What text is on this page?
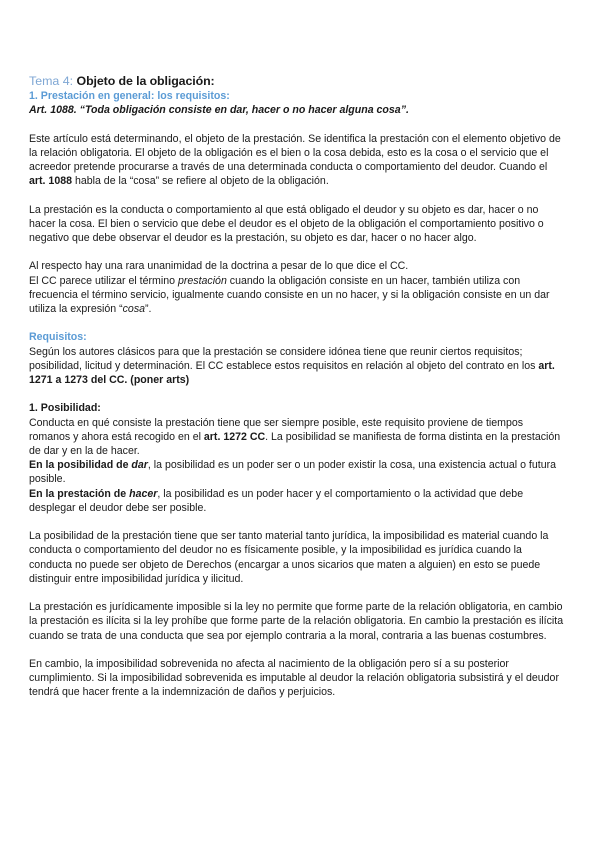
Tema 4: Objeto de la obligación:

1. Prestación en general: los requisitos:

Art. 1088. “Toda obligación consiste en dar, hacer o no hacer alguna cosa”.

Este artículo está determinando, el objeto de la prestación. Se identifica la prestación con el elemento objetivo de la relación obligatoria. El objeto de la obligación es el bien o la cosa debida, esto es la cosa o el servicio que el acreedor pretende procurarse a través de una determinada conducta o comportamiento del deudor. Cuando el art. 1088 habla de la “cosa” se refiere al objeto de la obligación.

La prestación es la conducta o comportamiento al que está obligado el deudor y su objeto es dar, hacer o no hacer la cosa. El bien o servicio que debe el deudor es el objeto de la obligación el comportamiento positivo o negativo que debe observar el deudor es la prestación, su objeto es dar, hacer o no hacer algo.

Al respecto hay una rara unanimidad de la doctrina a pesar de lo que dice el CC.

El CC parece utilizar el término prestación cuando la obligación consiste en un hacer, también utiliza con frecuencia el término servicio, igualmente cuando consiste en un no hacer, y si la obligación consiste en un dar utiliza la expresión “cosa”.

Requisitos:

Según los autores clásicos para que la prestación se considere idónea tiene que reunir ciertos requisitos; posibilidad, licitud y determinación. El CC establece estos requisitos en relación al objeto del contrato en los art. 1271 a 1273 del CC. (poner arts)

1. Posibilidad:

Conducta en qué consiste la prestación tiene que ser siempre posible, este requisito proviene de tiempos romanos y ahora está recogido en el art. 1272 CC. La posibilidad se manifiesta de forma distinta en la prestación de dar y en la de hacer.

En la posibilidad de dar, la posibilidad es un poder ser o un poder existir la cosa, una existencia actual o futura posible.

En la prestación de hacer, la posibilidad es un poder hacer y el comportamiento o la actividad que debe desplegar el deudor debe ser posible.

La posibilidad de la prestación tiene que ser tanto material tanto jurídica, la imposibilidad es material cuando la conducta o comportamiento del deudor no es físicamente posible, y la imposibilidad es jurídica cuando la conducta no puede ser objeto de Derechos (encargar a unos sicarios que maten a alguien) en esto se puede distinguir entre imposibilidad jurídica y ilicitud.

La prestación es jurídicamente imposible si la ley no permite que forme parte de la relación obligatoria, en cambio la prestación es ilícita si la ley prohíbe que forme parte de la relación obligatoria. En cambio la prestación es ilícita cuando se trata de una conducta que sea por ejemplo contraria a la moral, contraria a las buenas costumbres.

En cambio, la imposibilidad sobrevenida no afecta al nacimiento de la obligación pero sí a su posterior cumplimiento. Si la imposibilidad sobrevenida es imputable al deudor la relación obligatoria subsistirá y el deudor tendrá que hacer frente a la indemnización de daños y perjuicios.
